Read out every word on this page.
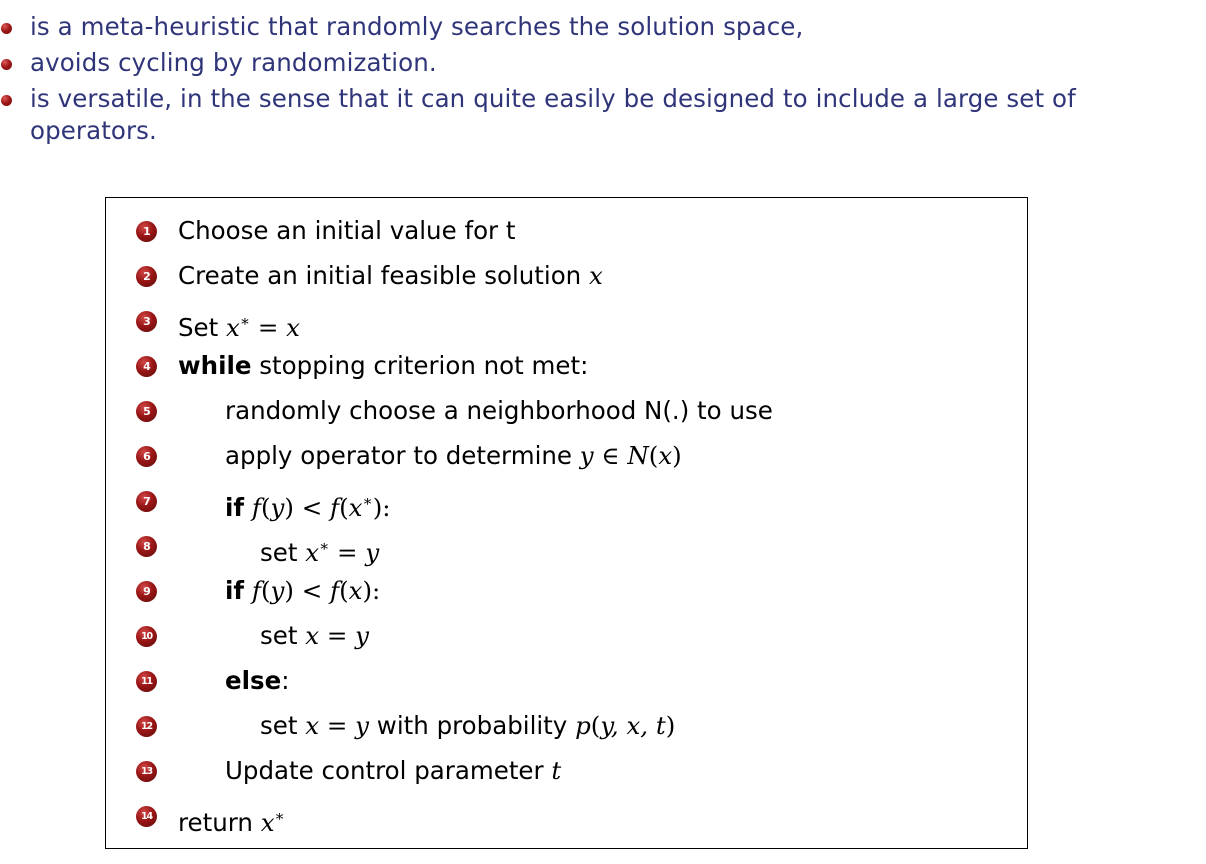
is a meta-heuristic that randomly searches the solution space,
avoids cycling by randomization.
is versatile, in the sense that it can quite easily be designed to include a large set of
operators.
1 Choose an initial value for t
2 Create an initial feasible solution x
3 Set x∗ = x
4 while stopping criterion not met:
5	randomly choose a neighborhood N(.) to use
6	apply operator to determine y ∈ N(x)
7	if f(y) < f(x∗):
8	set x∗ = y
9	if f(y) < f(x):
10	set x = y
11	else:
12	set x = y with probability p(y, x, t)
13	Update control parameter t
14 return x∗
